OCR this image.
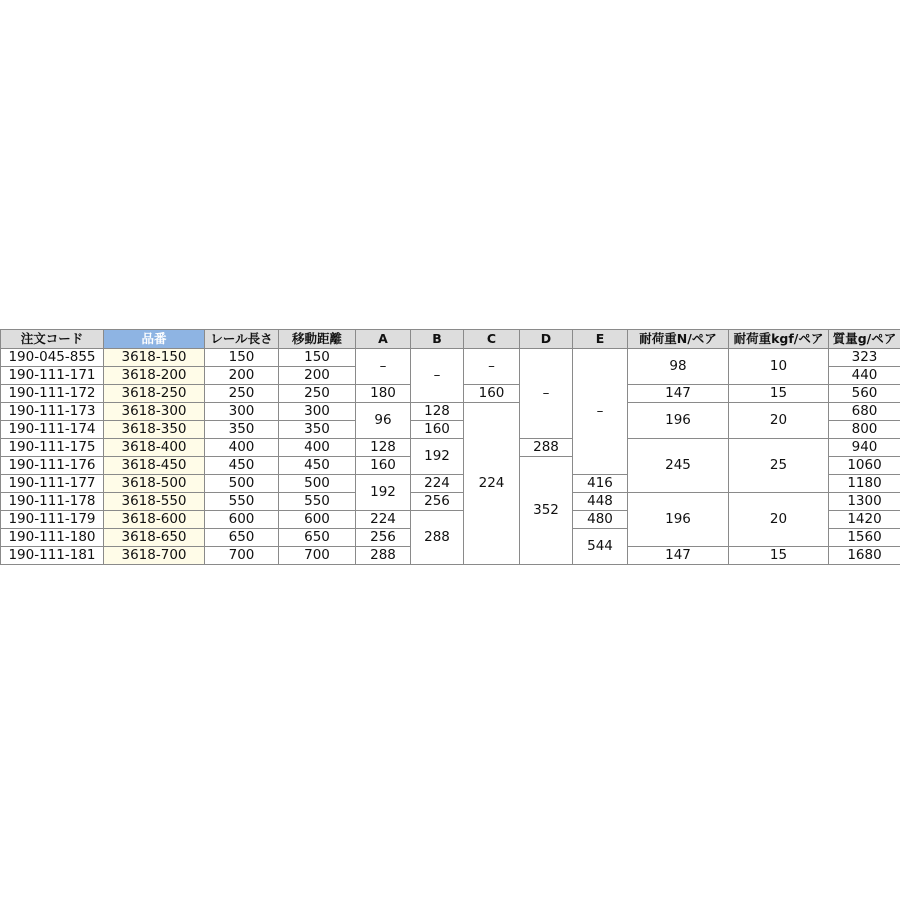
注文コード	品番	レール長さ	移動距離	A	B	C	D	E	耐荷重N/ペア	耐荷重kgf/ペア	質量g/ペア
190-045-855	3618-150	150	150	–	–	–	–	–	98	10	323
190-111-171	3618-200	200	200								440
190-111-172	3618-250	250	250	180		160			147	15	560
190-111-173	3618-300	300	300	96	128	224			196	20	680
190-111-174	3618-350	350	350		160						800
190-111-175	3618-400	400	400	128	192		288		245	25	940
190-111-176	3618-450	450	450	160			352				1060
190-111-177	3618-500	500	500	192	224			416			1180
190-111-178	3618-550	550	550		256			448	196	20	1300
190-111-179	3618-600	600	600	224	288			480			1420
190-111-180	3618-650	650	650	256				544			1560
190-111-181	3618-700	700	700	288					147	15	1680
